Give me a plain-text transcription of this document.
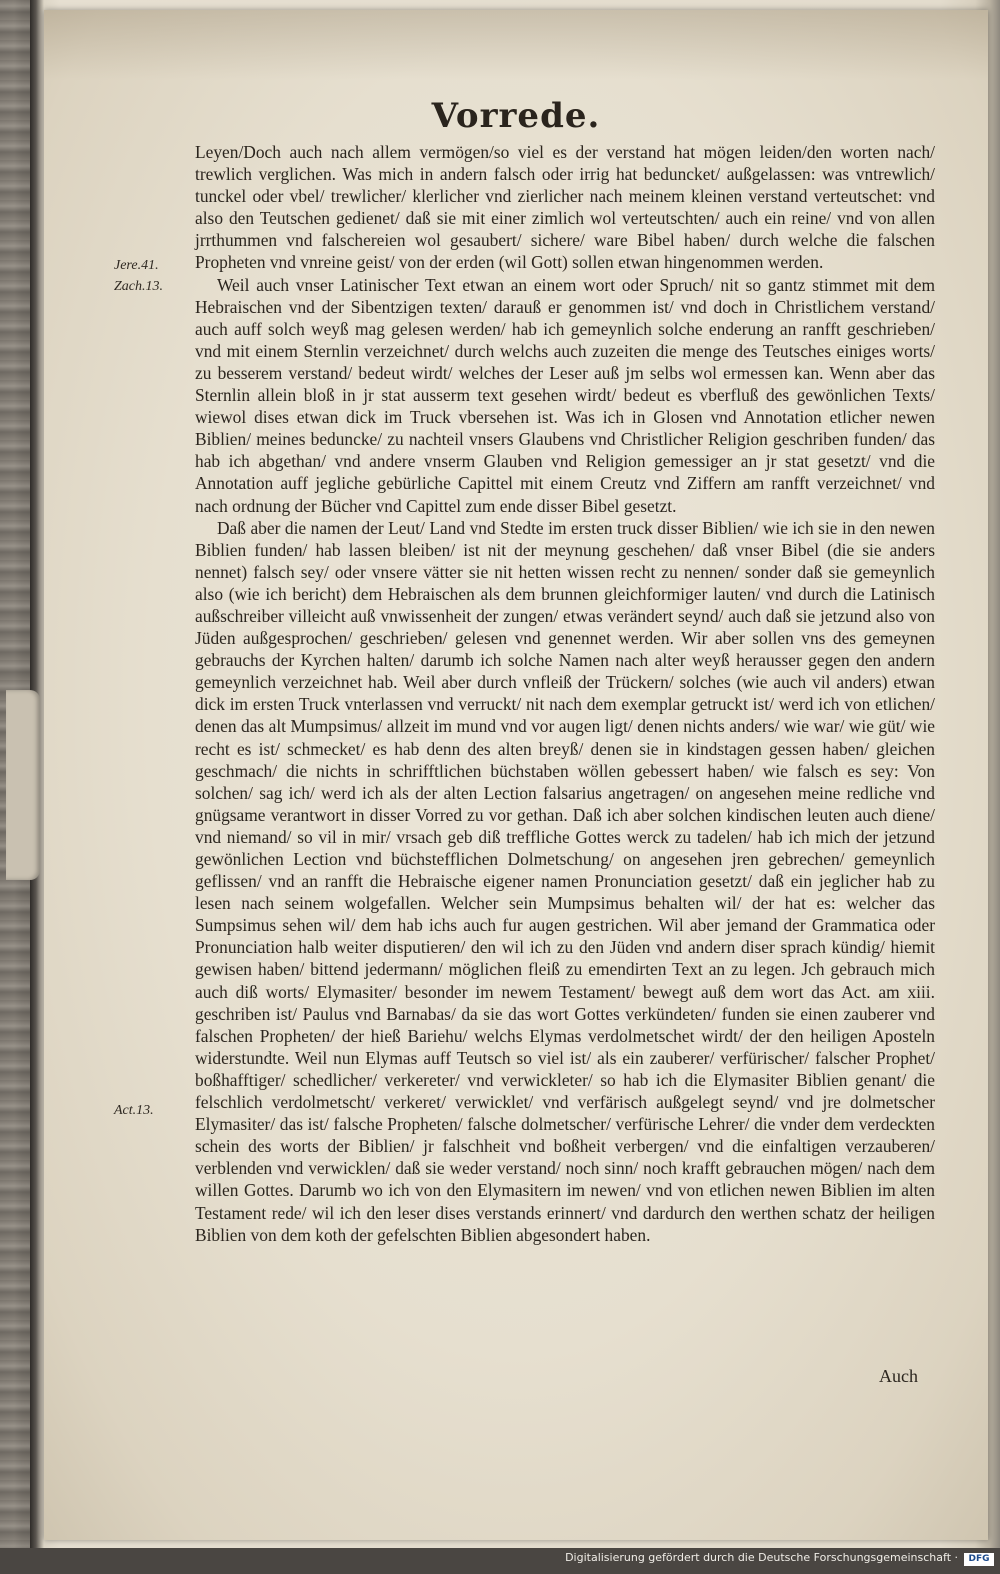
Vorrede.
Jere.41.
Zach.13.
Act.13.

Leyen/Doch auch nach allem vermögen/so viel es der verstand hat mögen leiden/den worten nach/ trewlich verglichen. Was mich in andern falsch oder irrig hat beduncket/ außgelassen: was vntrewlich/ tunckel oder vbel/ trewlicher/ klerlicher vnd zierlicher nach meinem kleinen verstand verteutschet: vnd also den Teutschen gedienet/ daß sie mit einer zimlich wol verteutschten/ auch ein reine/ vnd von allen jrrthummen vnd falschereien wol gesaubert/ sichere/ ware Bibel haben/ durch welche die falschen Propheten vnd vnreine geist/ von der erden (wil Gott) sollen etwan hingenommen werden.

Weil auch vnser Latinischer Text etwan an einem wort oder Spruch/ nit so gantz stimmet mit dem Hebraischen vnd der Sibentzigen texten/ darauß er genommen ist/ vnd doch in Christlichem verstand/ auch auff solch weyß mag gelesen werden/ hab ich gemeynlich solche enderung an ranfft geschrieben/ vnd mit einem Sternlin verzeichnet/ durch welchs auch zuzeiten die menge des Teutsches einiges worts/ zu besserem verstand/ bedeut wirdt/ welches der Leser auß jm selbs wol ermessen kan. Wenn aber das Sternlin allein bloß in jr stat ausserm text gesehen wirdt/ bedeut es vberfluß des gewönlichen Texts/ wiewol dises etwan dick im Truck vbersehen ist. Was ich in Glosen vnd Annotation etlicher newen Biblien/ meines beduncke/ zu nachteil vnsers Glaubens vnd Christlicher Religion geschriben funden/ das hab ich abgethan/ vnd andere vnserm Glauben vnd Religion gemessiger an jr stat gesetzt/ vnd die Annotation auff jegliche gebürliche Capittel mit einem Creutz vnd Ziffern am ranfft verzeichnet/ vnd nach ordnung der Bücher vnd Capittel zum ende disser Bibel gesetzt.

Daß aber die namen der Leut/ Land vnd Stedte im ersten truck disser Biblien/ wie ich sie in den newen Biblien funden/ hab lassen bleiben/ ist nit der meynung geschehen/ daß vnser Bibel (die sie anders nennet) falsch sey/ oder vnsere vätter sie nit hetten wissen recht zu nennen/ sonder daß sie gemeynlich also (wie ich bericht) dem Hebraischen als dem brunnen gleichformiger lauten/ vnd durch die Latinisch außschreiber villeicht auß vnwissenheit der zungen/ etwas verändert seynd/ auch daß sie jetzund also von Jüden außgesprochen/ geschrieben/ gelesen vnd genennet werden. Wir aber sollen vns des gemeynen gebrauchs der Kyrchen halten/ darumb ich solche Namen nach alter weyß herausser gegen den andern gemeynlich verzeichnet hab. Weil aber durch vnfleiß der Trückern/ solches (wie auch vil anders) etwan dick im ersten Truck vnterlassen vnd verruckt/ nit nach dem exemplar getruckt ist/ werd ich von etlichen/ denen das alt Mumpsimus/ allzeit im mund vnd vor augen ligt/ denen nichts anders/ wie war/ wie güt/ wie recht es ist/ schmecket/ es hab denn des alten breyß/ denen sie in kindstagen gessen haben/ gleichen geschmach/ die nichts in schrifftlichen büchstaben wöllen gebessert haben/ wie falsch es sey: Von solchen/ sag ich/ werd ich als der alten Lection falsarius angetragen/ on angesehen meine redliche vnd gnügsame verantwort in disser Vorred zu vor gethan. Daß ich aber solchen kindischen leuten auch diene/ vnd niemand/ so vil in mir/ vrsach geb diß treffliche Gottes werck zu tadelen/ hab ich mich der jetzund gewönlichen Lection vnd büchstefflichen Dolmetschung/ on angesehen jren gebrechen/ gemeynlich geflissen/ vnd an ranfft die Hebraische eigener namen Pronunciation gesetzt/ daß ein jeglicher hab zu lesen nach seinem wolgefallen. Welcher sein Mumpsimus behalten wil/ der hat es: welcher das Sumpsimus sehen wil/ dem hab ichs auch fur augen gestrichen. Wil aber jemand der Grammatica oder Pronunciation halb weiter disputieren/ den wil ich zu den Jüden vnd andern diser sprach kündig/ hiemit gewisen haben/ bittend jedermann/ möglichen fleiß zu emendirten Text an zu legen. Jch gebrauch mich auch diß worts/ Elymasiter/ besonder im newem Testament/ bewegt auß dem wort das Act. am xiii. geschriben ist/ Paulus vnd Barnabas/ da sie das wort Gottes verkündeten/ funden sie einen zauberer vnd falschen Propheten/ der hieß Bariehu/ welchs Elymas verdolmetschet wirdt/ der den heiligen Aposteln widerstundte. Weil nun Elymas auff Teutsch so viel ist/ als ein zauberer/ verfürischer/ falscher Prophet/ boßhafftiger/ schedlicher/ verkereter/ vnd verwickleter/ so hab ich die Elymasiter Biblien genant/ die felschlich verdolmetscht/ verkeret/ verwicklet/ vnd verfärisch außgelegt seynd/ vnd jre dolmetscher Elymasiter/ das ist/ falsche Propheten/ falsche dolmetscher/ verfürische Lehrer/ die vnder dem verdeckten schein des worts der Biblien/ jr falschheit vnd boßheit verbergen/ vnd die einfaltigen verzauberen/ verblenden vnd verwicklen/ daß sie weder verstand/ noch sinn/ noch krafft gebrauchen mögen/ nach dem willen Gottes. Darumb wo ich von den Elymasitern im newen/ vnd von etlichen newen Biblien im alten Testament rede/ wil ich den leser dises verstands erinnert/ vnd dardurch den werthen schatz der heiligen Biblien von dem koth der gefelschten Biblien abgesondert haben.

Auch
Digitalisierung gefördert durch die Deutsche Forschungsgemeinschaft ·	DFG
